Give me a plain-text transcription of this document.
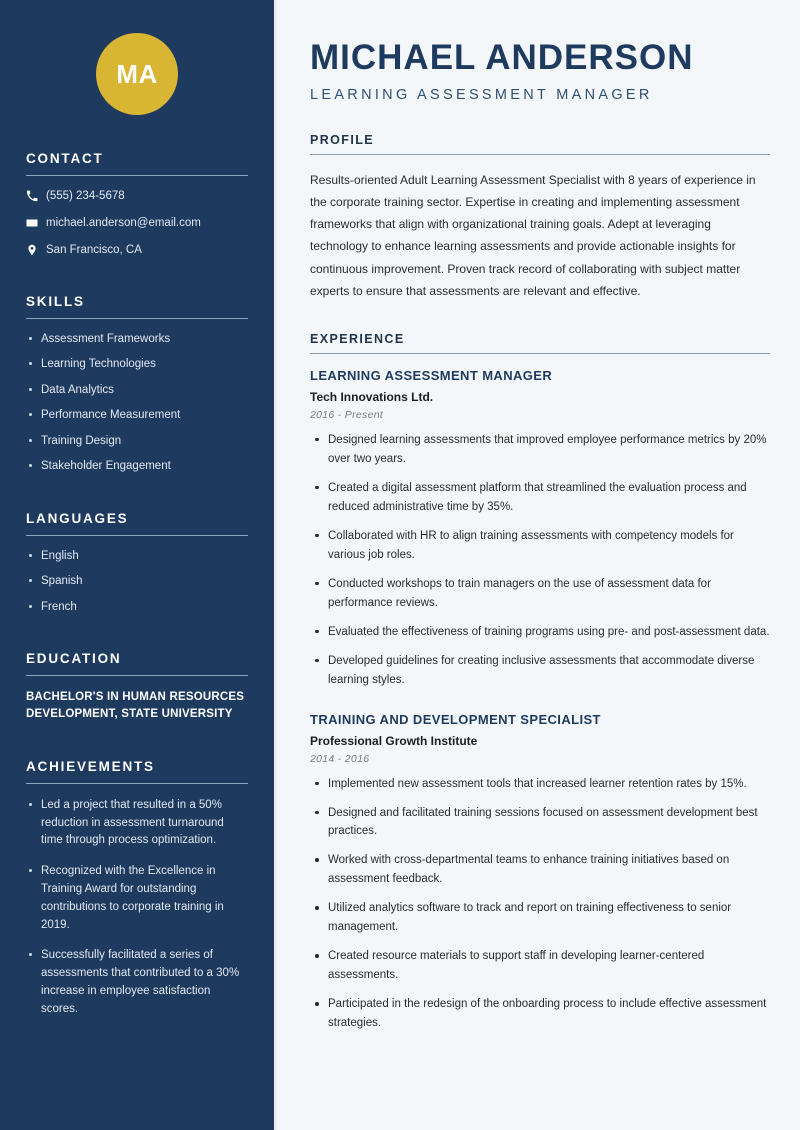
MA
CONTACT
(555) 234-5678
michael.anderson@email.com
San Francisco, CA
SKILLS
Assessment Frameworks
Learning Technologies
Data Analytics
Performance Measurement
Training Design
Stakeholder Engagement
LANGUAGES
English
Spanish
French
EDUCATION
BACHELOR'S IN HUMAN RESOURCES DEVELOPMENT, STATE UNIVERSITY
ACHIEVEMENTS
Led a project that resulted in a 50% reduction in assessment turnaround time through process optimization.
Recognized with the Excellence in Training Award for outstanding contributions to corporate training in 2019.
Successfully facilitated a series of assessments that contributed to a 30% increase in employee satisfaction scores.
MICHAEL ANDERSON
LEARNING ASSESSMENT MANAGER
PROFILE

Results-oriented Adult Learning Assessment Specialist with 8 years of experience in the corporate training sector. Expertise in creating and implementing assessment frameworks that align with organizational training goals. Adept at leveraging technology to enhance learning assessments and provide actionable insights for continuous improvement. Proven track record of collaborating with subject matter experts to ensure that assessments are relevant and effective.

EXPERIENCE
LEARNING ASSESSMENT MANAGER
Tech Innovations Ltd.
2016 - Present
Designed learning assessments that improved employee performance metrics by 20% over two years.
Created a digital assessment platform that streamlined the evaluation process and reduced administrative time by 35%.
Collaborated with HR to align training assessments with competency models for various job roles.
Conducted workshops to train managers on the use of assessment data for performance reviews.
Evaluated the effectiveness of training programs using pre- and post-assessment data.
Developed guidelines for creating inclusive assessments that accommodate diverse learning styles.
TRAINING AND DEVELOPMENT SPECIALIST
Professional Growth Institute
2014 - 2016
Implemented new assessment tools that increased learner retention rates by 15%.
Designed and facilitated training sessions focused on assessment development best practices.
Worked with cross-departmental teams to enhance training initiatives based on assessment feedback.
Utilized analytics software to track and report on training effectiveness to senior management.
Created resource materials to support staff in developing learner-centered assessments.
Participated in the redesign of the onboarding process to include effective assessment strategies.
